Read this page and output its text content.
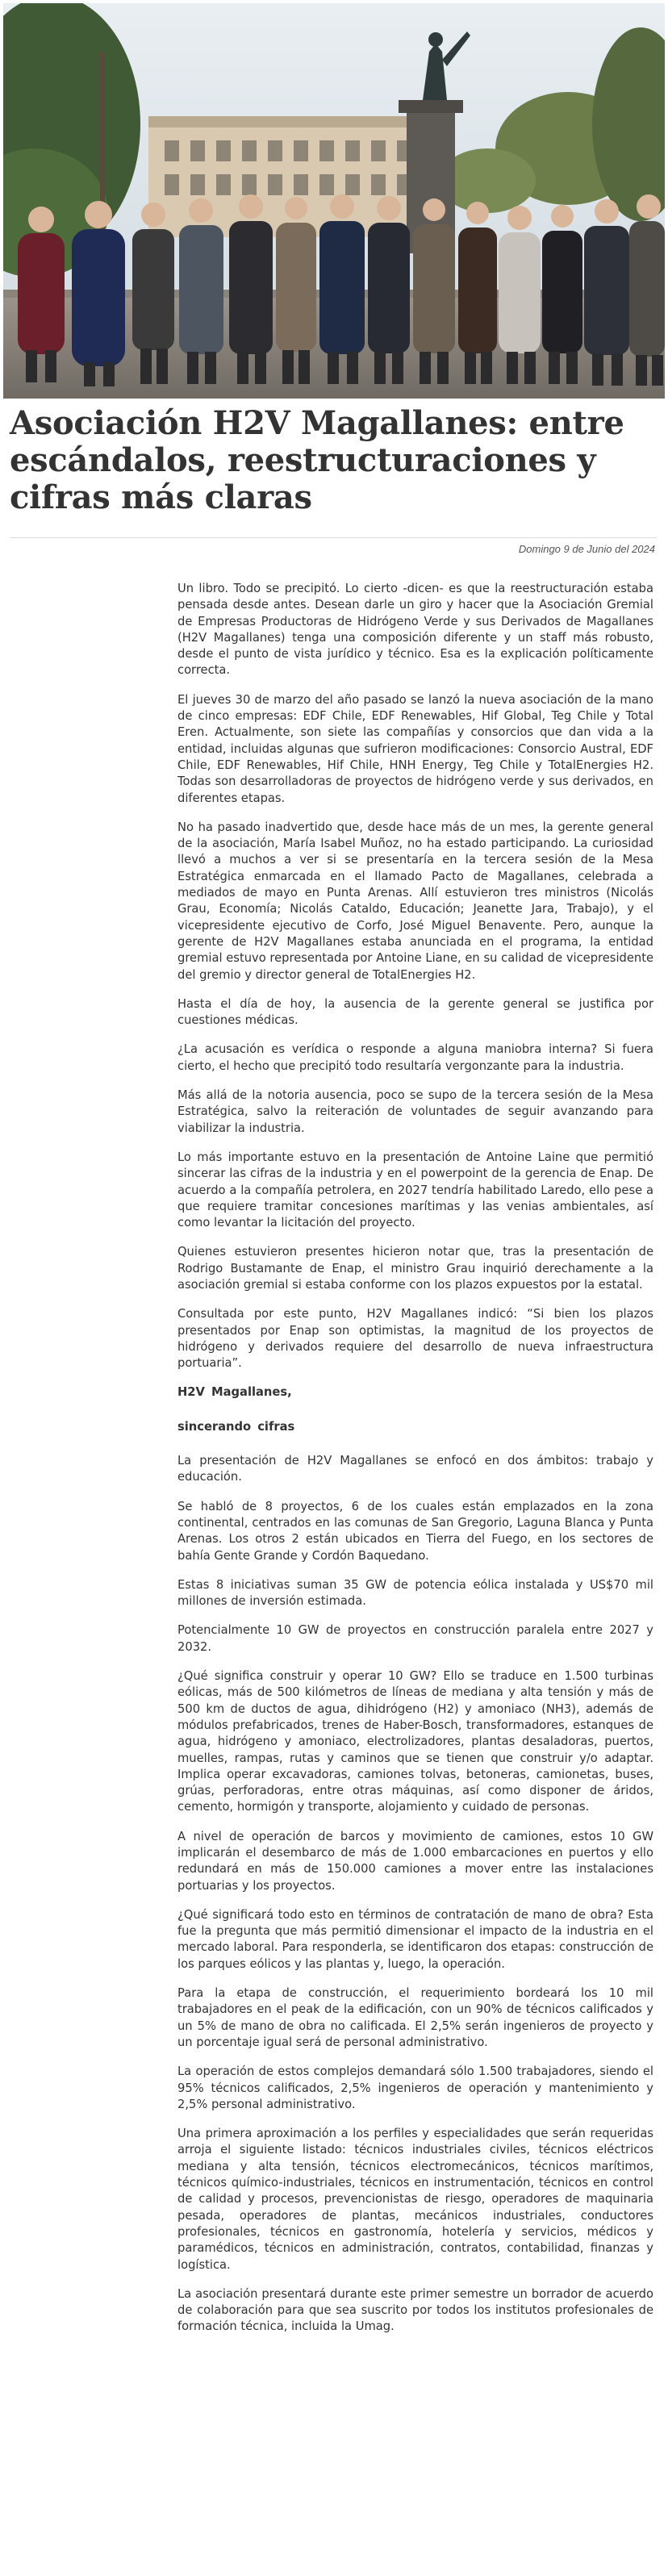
Asociación H2V Magallanes: entre escándalos, reestructuraciones y cifras más claras
Domingo 9 de Junio del 2024

Un libro. Todo se precipitó. Lo cierto -dicen- es que la reestructuración estaba pensada desde antes. Desean darle un giro y hacer que la Asociación Gremial de Empresas Productoras de Hidrógeno Verde y sus Derivados de Magallanes (H2V Magallanes) tenga una composición diferente y un staff más robusto, desde el punto de vista jurídico y técnico. Esa es la explicación políticamente correcta.

El jueves 30 de marzo del año pasado se lanzó la nueva asociación de la mano de cinco empresas: EDF Chile, EDF Renewables, Hif Global, Teg Chile y Total Eren. Actualmente, son siete las compañías y consorcios que dan vida a la entidad, incluidas algunas que sufrieron modificaciones: Consorcio Austral, EDF Chile, EDF Renewables, Hif Chile, HNH Energy, Teg Chile y TotalEnergies H2. Todas son desarrolladoras de proyectos de hidrógeno verde y sus derivados, en diferentes etapas.

No ha pasado inadvertido que, desde hace más de un mes, la gerente general de la asociación, María Isabel Muñoz, no ha estado participando. La curiosidad llevó a muchos a ver si se presentaría en la tercera sesión de la Mesa Estratégica enmarcada en el llamado Pacto de Magallanes, celebrada a mediados de mayo en Punta Arenas. Allí estuvieron tres ministros (Nicolás Grau, Economía; Nicolás Cataldo, Educación; Jeanette Jara, Trabajo), y el vicepresidente ejecutivo de Corfo, José Miguel Benavente. Pero, aunque la gerente de H2V Magallanes estaba anunciada en el programa, la entidad gremial estuvo representada por Antoine Liane, en su calidad de vicepresidente del gremio y director general de TotalEnergies H2.

Hasta el día de hoy, la ausencia de la gerente general se justifica por cuestiones médicas.

¿La acusación es verídica o responde a alguna maniobra interna? Si fuera cierto, el hecho que precipitó todo resultaría vergonzante para la industria.

Más allá de la notoria ausencia, poco se supo de la tercera sesión de la Mesa Estratégica, salvo la reiteración de voluntades de seguir avanzando para viabilizar la industria.

Lo más importante estuvo en la presentación de Antoine Laine que permitió sincerar las cifras de la industria y en el powerpoint de la gerencia de Enap. De acuerdo a la compañía petrolera, en 2027 tendría habilitado Laredo, ello pese a que requiere tramitar concesiones marítimas y las venias ambientales, así como levantar la licitación del proyecto.

Quienes estuvieron presentes hicieron notar que, tras la presentación de Rodrigo Bustamante de Enap, el ministro Grau inquirió derechamente a la asociación gremial si estaba conforme con los plazos expuestos por la estatal.

Consultada por este punto, H2V Magallanes indicó: “Si bien los plazos presentados por Enap son optimistas, la magnitud de los proyectos de hidrógeno y derivados requiere del desarrollo de nueva infraestructura portuaria”.

H2V Magallanes,

sincerando cifras

La presentación de H2V Magallanes se enfocó en dos ámbitos: trabajo y educación.

Se habló de 8 proyectos, 6 de los cuales están emplazados en la zona continental, centrados en las comunas de San Gregorio, Laguna Blanca y Punta Arenas. Los otros 2 están ubicados en Tierra del Fuego, en los sectores de bahía Gente Grande y Cordón Baquedano.

Estas 8 iniciativas suman 35 GW de potencia eólica instalada y US$70 mil millones de inversión estimada.

Potencialmente 10 GW de proyectos en construcción paralela entre 2027 y 2032.

¿Qué significa construir y operar 10 GW? Ello se traduce en 1.500 turbinas eólicas, más de 500 kilómetros de líneas de mediana y alta tensión y más de 500 km de ductos de agua, dihidrógeno (H2) y amoniaco (NH3), además de módulos prefabricados, trenes de Haber-Bosch, transformadores, estanques de agua, hidrógeno y amoniaco, electrolizadores, plantas desaladoras, puertos, muelles, rampas, rutas y caminos que se tienen que construir y/o adaptar. Implica operar excavadoras, camiones tolvas, betoneras, camionetas, buses, grúas, perforadoras, entre otras máquinas, así como disponer de áridos, cemento, hormigón y transporte, alojamiento y cuidado de personas.

A nivel de operación de barcos y movimiento de camiones, estos 10 GW implicarán el desembarco de más de 1.000 embarcaciones en puertos y ello redundará en más de 150.000 camiones a mover entre las instalaciones portuarias y los proyectos.

¿Qué significará todo esto en términos de contratación de mano de obra? Esta fue la pregunta que más permitió dimensionar el impacto de la industria en el mercado laboral. Para responderla, se identificaron dos etapas: construcción de los parques eólicos y las plantas y, luego, la operación.

Para la etapa de construcción, el requerimiento bordeará los 10 mil trabajadores en el peak de la edificación, con un 90% de técnicos calificados y un 5% de mano de obra no calificada. El 2,5% serán ingenieros de proyecto y un porcentaje igual será de personal administrativo.

La operación de estos complejos demandará sólo 1.500 trabajadores, siendo el 95% técnicos calificados, 2,5% ingenieros de operación y mantenimiento y 2,5% personal administrativo.

Una primera aproximación a los perfiles y especialidades que serán requeridas arroja el siguiente listado: técnicos industriales civiles, técnicos eléctricos mediana y alta tensión, técnicos electromecánicos, técnicos marítimos, técnicos químico-industriales, técnicos en instrumentación, técnicos en control de calidad y procesos, prevencionistas de riesgo, operadores de maquinaria pesada, operadores de plantas, mecánicos industriales, conductores profesionales, técnicos en gastronomía, hotelería y servicios, médicos y paramédicos, técnicos en administración, contratos, contabilidad, finanzas y logística.

La asociación presentará durante este primer semestre un borrador de acuerdo de colaboración para que sea suscrito por todos los institutos profesionales de formación técnica, incluida la Umag.
